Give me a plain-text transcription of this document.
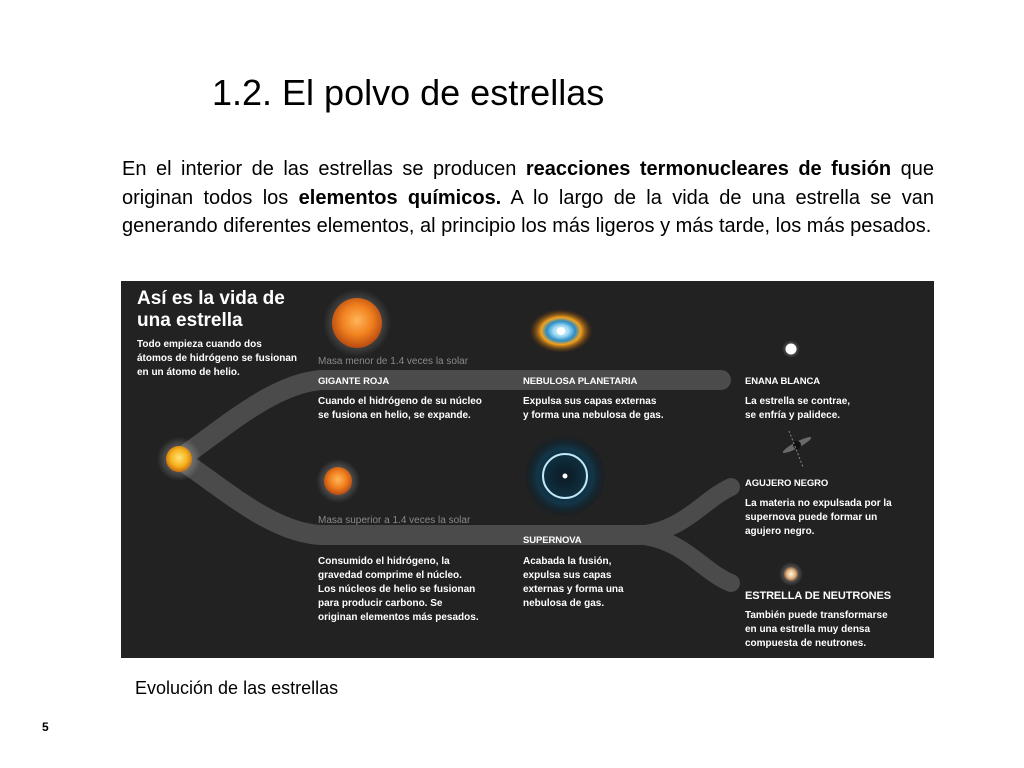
1.2. El polvo de estrellas

En el interior de las estrellas se producen reacciones termonucleares de fusión que originan todos los elementos químicos. A lo largo de la vida de una estrella se van generando diferentes elementos, al principio los más ligeros y más tarde, los más pesados.

Así es la vida de una estrella
Todo empieza cuando dos átomos de hidrógeno se fusionan en un átomo de helio.
Masa menor de 1.4 veces la solar
Masa superior a 1.4 veces la solar
GIGANTE ROJA
Cuando el hidrógeno de su núcleo
se fusiona en helio, se expande.
NEBULOSA PLANETARIA
Expulsa sus capas externas
y forma una nebulosa de gas.
ENANA BLANCA
La estrella se contrae,
se enfría y palidece.
Consumido el hidrógeno, la
gravedad comprime el núcleo.
Los núcleos de helio se fusionan
para producir carbono. Se
originan elementos más pesados.
SUPERNOVA
Acabada la fusión,
expulsa sus capas
externas y forma una
nebulosa de gas.
AGUJERO NEGRO
La materia no expulsada por la
supernova puede formar un
agujero negro.
ESTRELLA DE NEUTRONES
También puede transformarse
en una estrella muy densa
compuesta de neutrones.
Evolución de las estrellas
5
